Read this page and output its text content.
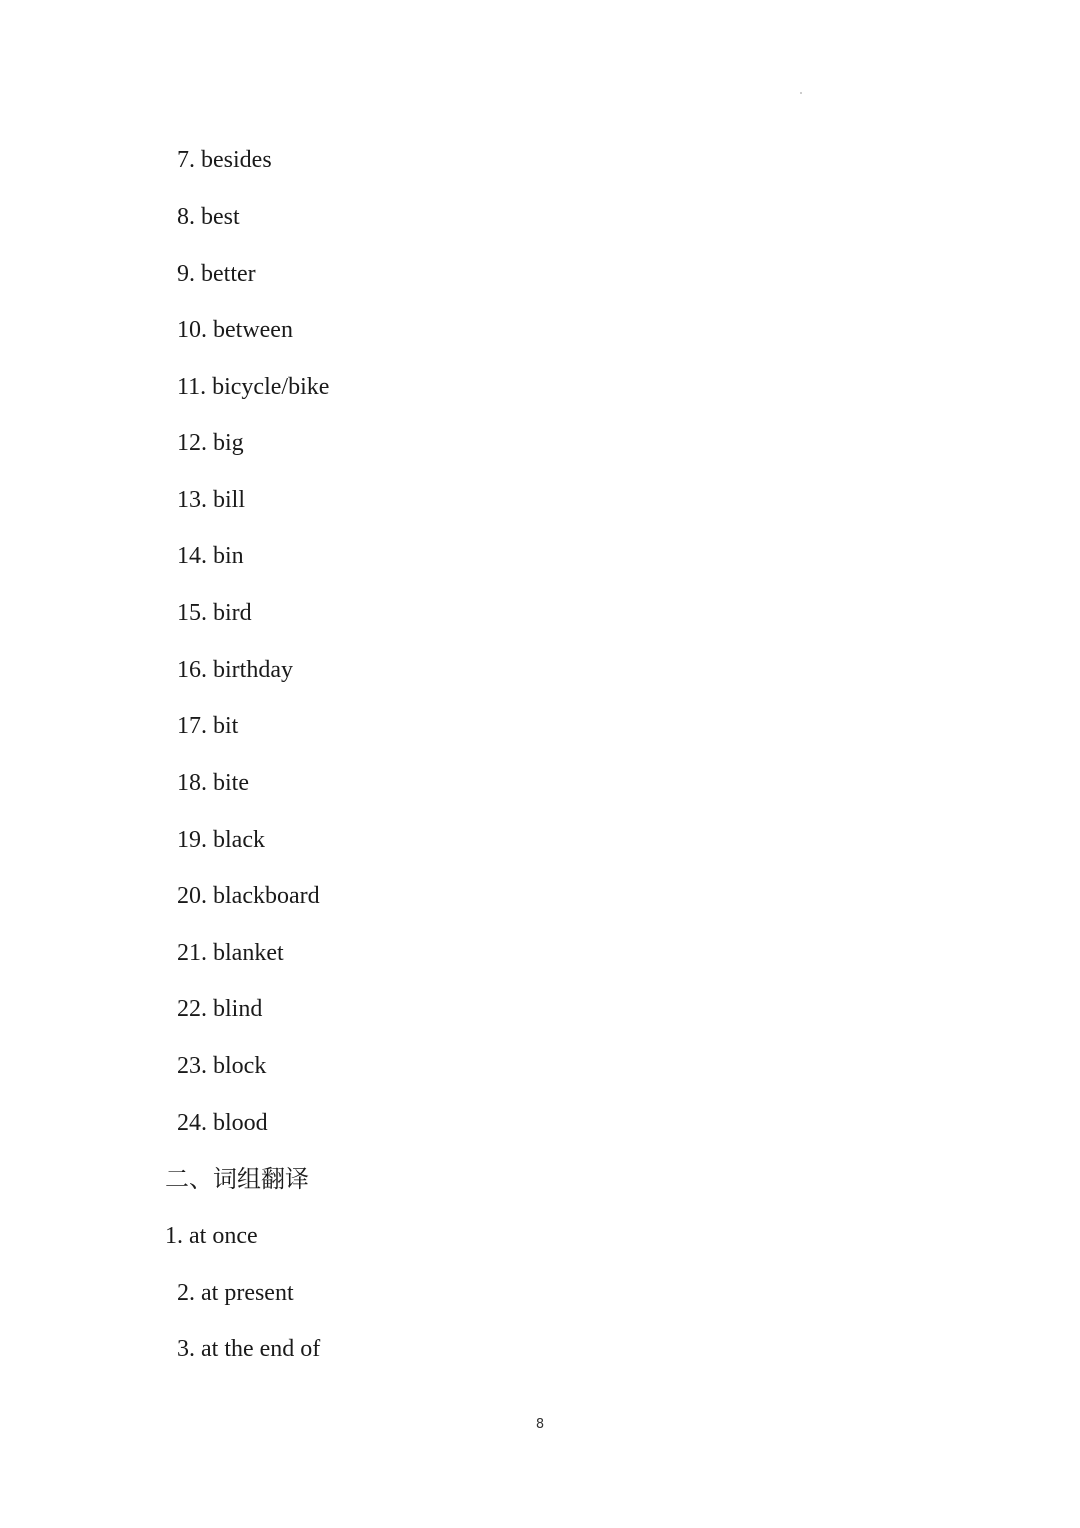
7. besides
8. best
9. better
10. between
11. bicycle/bike
12. big
13. bill
14. bin
15. bird
16. birthday
17. bit
18. bite
19. black
20. blackboard
21. blanket
22. blind
23. block
24. blood
二、词组翻译
1. at once
2. at present
3. at the end of
8
